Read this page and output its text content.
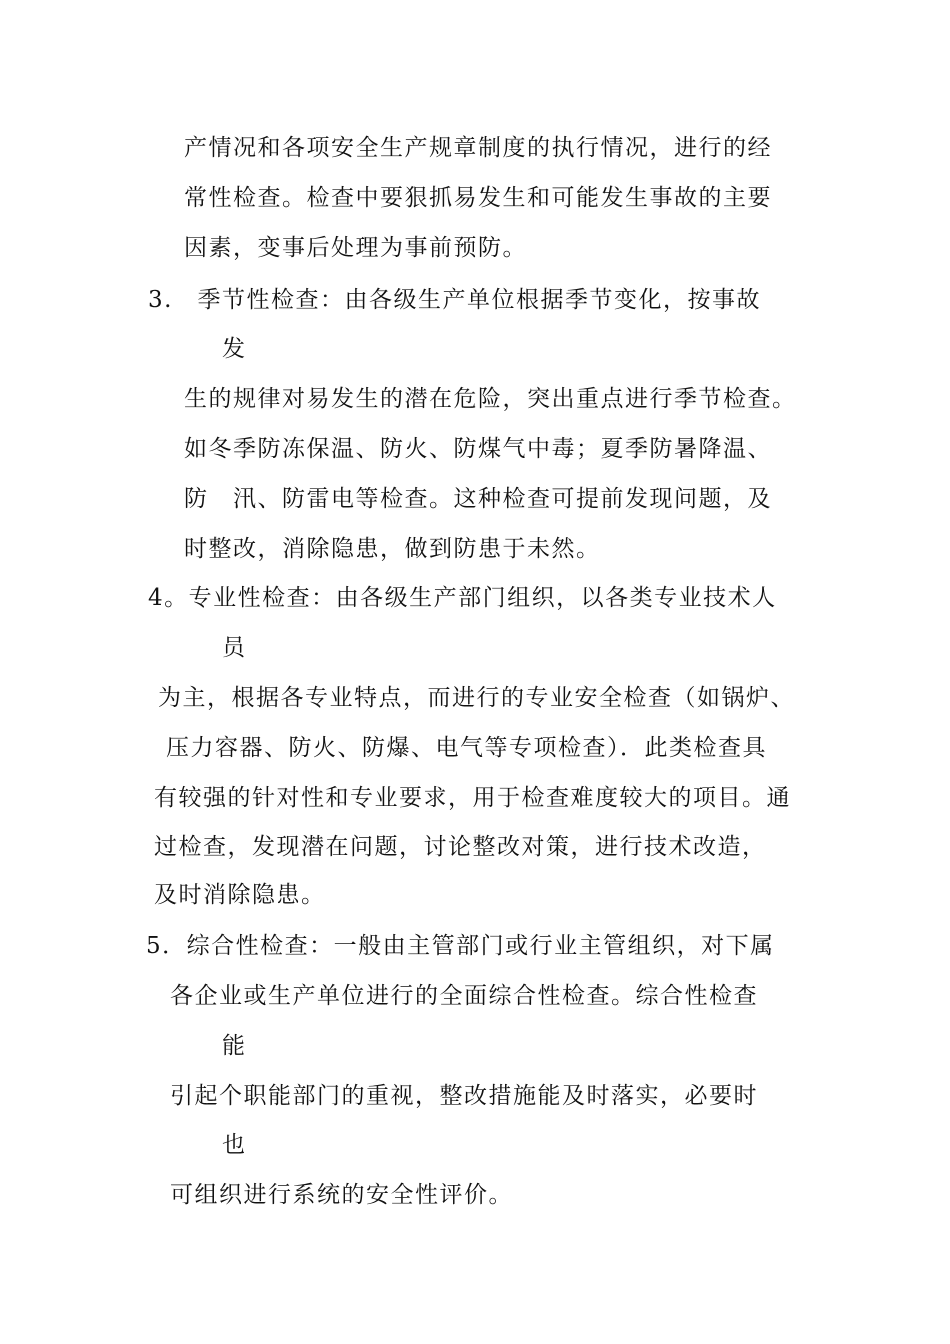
产情况和各项安全生产规章制度的执行情况，进行的经
常性检查。检查中要狠抓易发生和可能发生事故的主要
因素，变事后处理为事前预防。
3.　季节性检查：由各级生产单位根据季节变化，按事故
发
生的规律对易发生的潜在危险，突出重点进行季节检查。
如冬季防冻保温、防火、防煤气中毒；夏季防暑降温、
防　汛、防雷电等检查。这种检查可提前发现问题，及
时整改，消除隐患，做到防患于未然。
4。专业性检查：由各级生产部门组织，以各类专业技术人
员
为主，根据各专业特点，而进行的专业安全检查（如锅炉、
压力容器、防火、防爆、电气等专项检查）．此类检查具
有较强的针对性和专业要求，用于检查难度较大的项目。通
过检查，发现潜在问题，讨论整改对策，进行技术改造，
及时消除隐患。
5．综合性检查：一般由主管部门或行业主管组织，对下属
各企业或生产单位进行的全面综合性检查。综合性检查
能
引起个职能部门的重视，整改措施能及时落实，必要时
也
可组织进行系统的安全性评价。
